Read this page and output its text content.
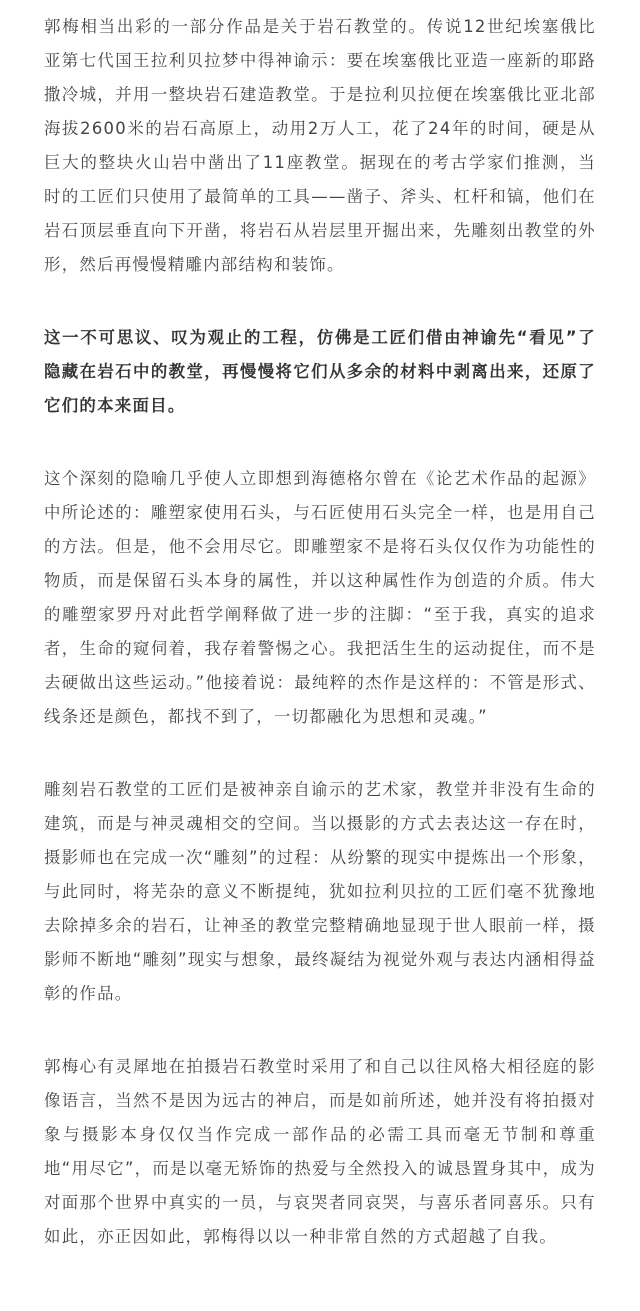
郭梅相当出彩的一部分作品是关于岩石教堂的。传说12世纪埃塞俄比亚第七代国王拉利贝拉梦中得神谕示：要在埃塞俄比亚造一座新的耶路撒冷城，并用一整块岩石建造教堂。于是拉利贝拉便在埃塞俄比亚北部海拔2600米的岩石高原上，动用2万人工，花了24年的时间，硬是从巨大的整块火山岩中凿出了11座教堂。据现在的考古学家们推测，当时的工匠们只使用了最简单的工具——凿子、斧头、杠杆和镐，他们在岩石顶层垂直向下开凿，将岩石从岩层里开掘出来，先雕刻出教堂的外形，然后再慢慢精雕内部结构和装饰。

这一不可思议、叹为观止的工程，仿佛是工匠们借由神谕先“看见”了隐藏在岩石中的教堂，再慢慢将它们从多余的材料中剥离出来，还原了它们的本来面目。

这个深刻的隐喻几乎使人立即想到海德格尔曾在《论艺术作品的起源》中所论述的：雕塑家使用石头，与石匠使用石头完全一样，也是用自己的方法。但是，他不会用尽它。即雕塑家不是将石头仅仅作为功能性的物质，而是保留石头本身的属性，并以这种属性作为创造的介质。伟大的雕塑家罗丹对此哲学阐释做了进一步的注脚：“至于我，真实的追求者，生命的窥伺着，我存着警惕之心。我把活生生的运动捉住，而不是去硬做出这些运动。”他接着说：最纯粹的杰作是这样的：不管是形式、线条还是颜色，都找不到了，一切都融化为思想和灵魂。”

雕刻岩石教堂的工匠们是被神亲自谕示的艺术家，教堂并非没有生命的建筑，而是与神灵魂相交的空间。当以摄影的方式去表达这一存在时，摄影师也在完成一次“雕刻”的过程：从纷繁的现实中提炼出一个形象，与此同时，将芜杂的意义不断提纯，犹如拉利贝拉的工匠们毫不犹豫地去除掉多余的岩石，让神圣的教堂完整精确地显现于世人眼前一样，摄影师不断地“雕刻”现实与想象，最终凝结为视觉外观与表达内涵相得益彰的作品。

郭梅心有灵犀地在拍摄岩石教堂时采用了和自己以往风格大相径庭的影像语言，当然不是因为远古的神启，而是如前所述，她并没有将拍摄对象与摄影本身仅仅当作完成一部作品的必需工具而毫无节制和尊重地“用尽它”，而是以毫无矫饰的热爱与全然投入的诚恳置身其中，成为对面那个世界中真实的一员，与哀哭者同哀哭，与喜乐者同喜乐。只有如此，亦正因如此，郭梅得以以一种非常自然的方式超越了自我。
